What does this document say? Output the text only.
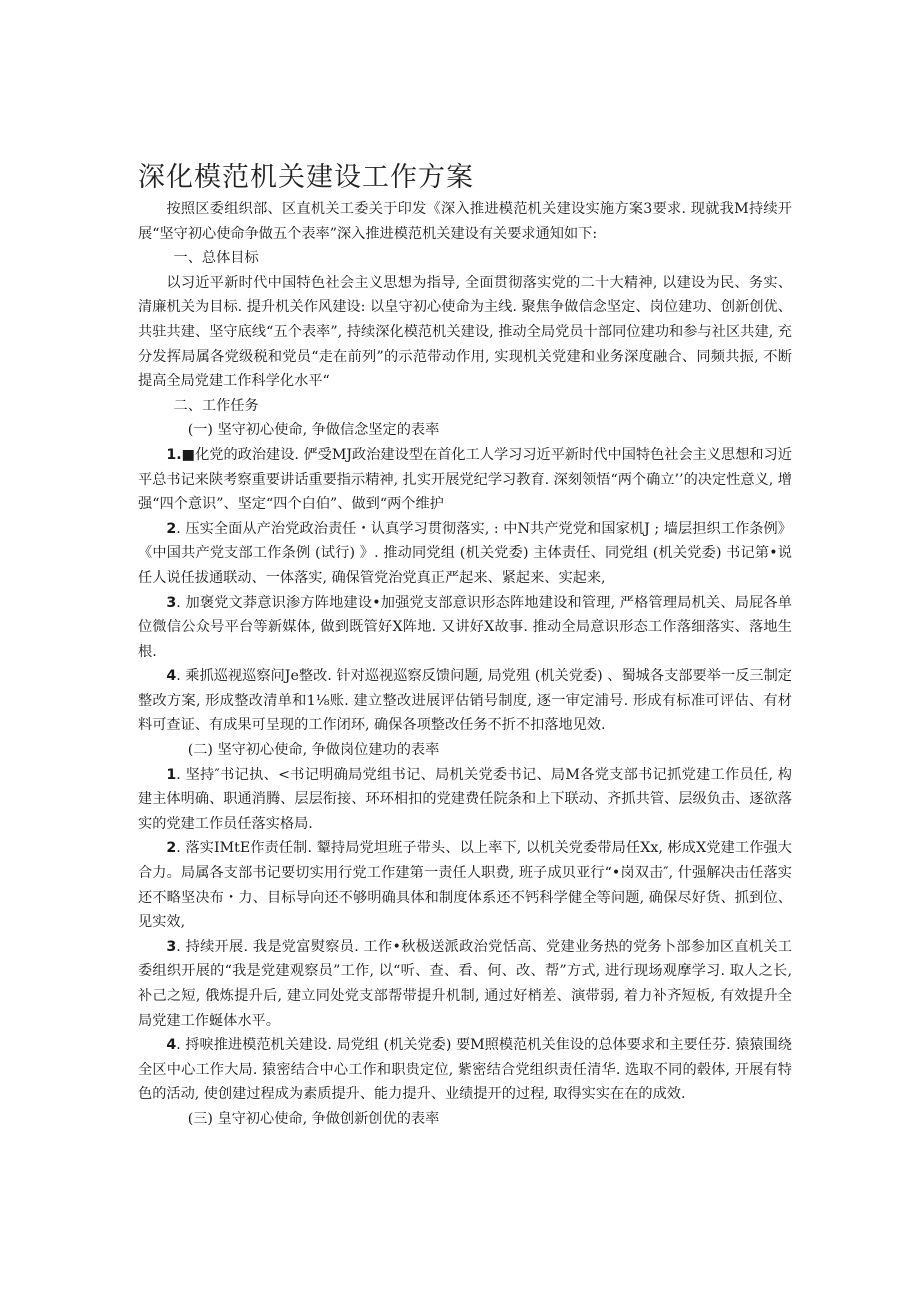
深化模范机关建设工作方案

按照区委组织部、区直机关工委关于印发《深入推进模范机关建设实施方案3要求. 现就我M持续开展“坚守初心使命争做五个表率”深入推进模范机关建设有关要求通知如下:

一、总体目标

以习近平新时代中国特色社会主义思想为指导, 全面贯彻落实党的二十大精神, 以建设为民、务实、清廉机关为目标. 提升机关作风建设: 以皇守初心使命为主线. 聚焦争做信念坚定、岗位建功、创新创优、共驻共建、坚守底线“五个表率”, 持续深化模范机关建设, 推动全局党员十部同位建功和参与社区共建, 充分发挥局属各党级税和党员“走在前列”的示范带动作用, 实现机关党建和业务深度融合、同频共振, 不断提高全局党建工作科学化水平“

二、工作任务

(一) 坚守初心使命, 争做信念坚定的表率

1.■化党的政治建设. 俨受MJ政治建设型在首化工人学习习近平新时代中国特色社会主义思想和习近平总书记来陕考察重要讲话重要指示精神, 扎实开展党纪学习教育. 深刻领悟“两个确立’’的决定性意义, 增强“四个意识”、坚定“四个白伯”、做到“两个维护

2. 压实全面从产治党政治责任・认真学习贯彻落实, : 中N共产党党和国家机J ; 墙层担织工作条例》《中国共产党支部工作条例 (试行) 》. 推动同党组 (机关党委) 主体责任、同党组 (机关党委) 书记第•说任人说任拔通联动、一体落实, 确保管党治党真正严起来、紧起来、实起来,

3. 加褒党文莽意识渗方阵地建设•加强党支部意识形态阵地建设和管理, 严格管理局机关、局屁各单位微信公众号平台等新媒体, 做到既管好X阵地. 又讲好X故事. 推动全局意识形态工作落细落实、落地生根.

4. 乘抓巡视巡察问Je整改. 针对巡视巡察反馈问题, 局党殂 (机关党委) 、蜀城各支部要举一反三制定整改方案, 形成整改清单和1⅛账. 建立整改进展评估销号制度, 逐一审定浦号. 形成有标准可评估、有材料可查证、有成果可呈现的工作闭环, 确保各项整改任务不折不扣落地见效.

(二) 坚守初心使命, 争做岗位建功的表率

1. 坚持″书记执、<书记明确局党组书记、局机关党委书记、局M各党支部书记抓党建工作员任, 构建主体明确、职通消腾、层层衔接、环环相扣的党建费任院条和上下联动、齐抓共管、层级负击、逐欲落实的党建工作员任落实格局.

2. 落实IMtE作责任制. 颦持局党坦班子带头、以上率下, 以机关党委带局任Xx, 彬成X党建工作强大合力。局属各支部书记要切实用行党工作建第一责任人职费, 班子成贝亚行“•岗双击″, 什强解决击任落实还不略坚决布・力、目标导向还不够明确具体和制度体系还不钙科学健全等问题, 确保尽好货、抓到位、见实效,

3. 持续开展. 我是党富熨察员. 工作•秋极送派政治党恬高、党建业务热的党务卜部参加区直机关工委组织开展的“我是党建观察员”工作, 以“听、查、看、何、改、帮”方式, 进行现场观摩学习. 取人之长, 补己之短, 俄炼提升后, 建立同处党支部帮带提升机制, 通过好梢差、演带弱, 着力补齐短板, 有效提升全局党建工作蜒体水平。

4. 捋唳推进模范机关建设. 局党组 (机关党委) 要M照模范机关隹设的总体要求和主要任芬. 猿猿围绕全区中心工作大局. 猿密结合中心工作和职贵定位, 紫密结合党组织责任清华. 选取不同的毂体, 开展有特色的活动, 使创建过程成为素质提升、能力提升、业绩提开的过程, 取得实实在在的成效.

(三) 皇守初心使命, 争做创新创优的表率
